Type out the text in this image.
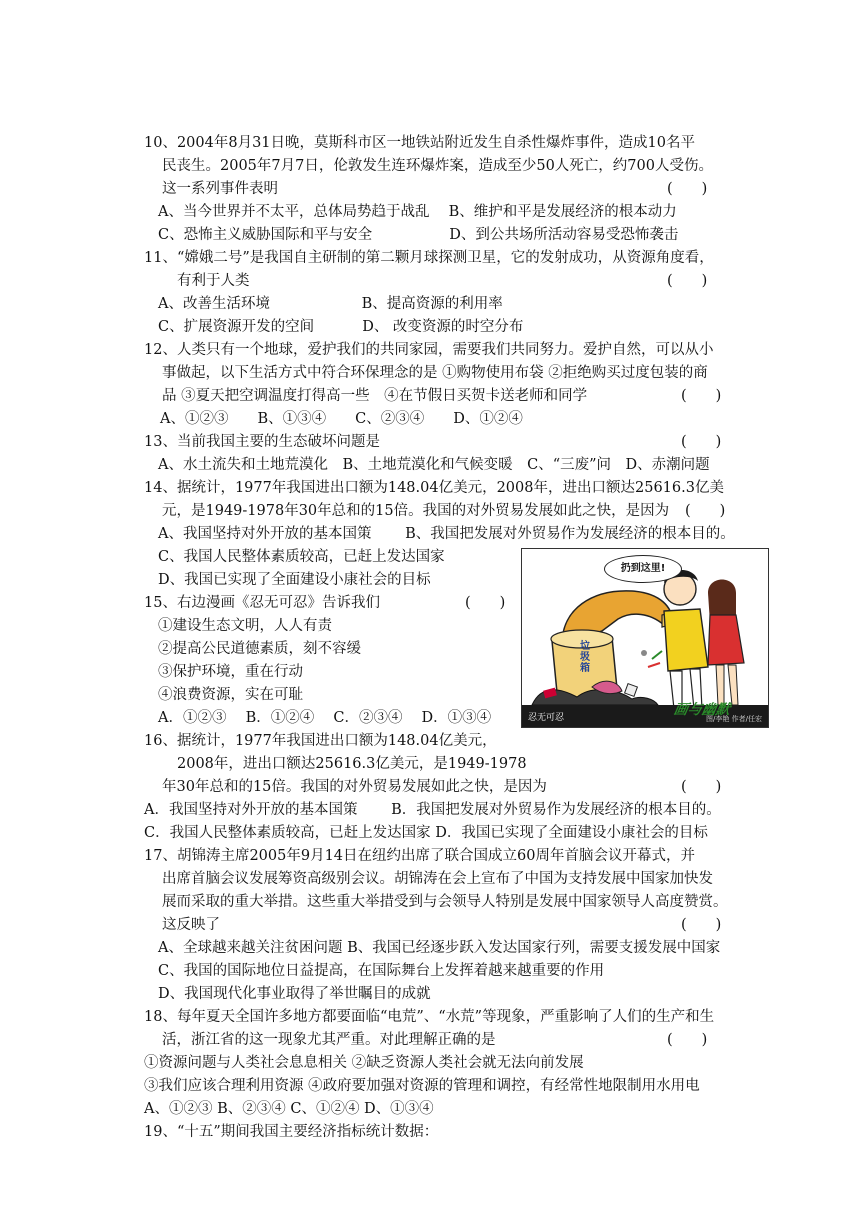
10、2004年8月31日晚，莫斯科市区一地铁站附近发生自杀性爆炸事件，造成10名平
民丧生。2005年7月7日，伦敦发生连环爆炸案，造成至少50人死亡，约700人受伤。
这一系列事件表明	(　　)
A、当今世界并不太平，总体局势趋于战乱　 B、维护和平是发展经济的根本动力
C、恐怖主义威胁国际和平与安全　　　　　 D、到公共场所活动容易受恐怖袭击
11、“嫦娥二号”是我国自主研制的第二颗月球探测卫星，它的发射成功，从资源角度看，
有利于人类	(　　)
A、改善生活环境　　　　　　 B、提高资源的利用率
C、扩展资源开发的空间　　　 D、 改变资源的时空分布
12、人类只有一个地球，爱护我们的共同家园，需要我们共同努力。爱护自然，可以从小
事做起，以下生活方式中符合环保理念的是 ①购物使用布袋 ②拒绝购买过度包装的商
品 ③夏天把空调温度打得高一些　④在节假日买贺卡送老师和同学	(　　)
A、①②③　　B、①③④　　C、②③④　　D、①②④
13、当前我国主要的生态破坏问题是	(　　)
A、水土流失和土地荒漠化　B、土地荒漠化和气候变暖　C、“三废”问　D、赤潮问题
14、据统计，1977年我国进出口额为148.04亿美元，2008年，进出口额达25616.3亿美
元，是1949-1978年30年总和的15倍。我国的对外贸易发展如此之快，是因为 (　　)
A、我国坚持对外开放的基本国策　　 B、我国把发展对外贸易作为发展经济的根本目的。
C、我国人民整体素质较高，已赶上发达国家
D、我国已实现了全面建设小康社会的目标
15、右边漫画《忍无可忍》告诉我们	(　　)
①建设生态文明，人人有责
②提高公民道德素质，刻不容缓
③保护环境，重在行动
④浪费资源，实在可耻
A．①②③　 B．①②④　 C．②③④　 D．①③④
扔到这里!
垃圾箱
忍无可忍	画与幽默
图/李艳 作者/任宏
16、据统计，1977年我国进出口额为148.04亿美元，
2008年，进出口额达25616.3亿美元，是1949-1978
年30年总和的15倍。我国的对外贸易发展如此之快，是因为	(　　)
A．我国坚持对外开放的基本国策　　 B．我国把发展对外贸易作为发展经济的根本目的。
C．我国人民整体素质较高，已赶上发达国家 D．我国已实现了全面建设小康社会的目标
17、胡锦涛主席2005年9月14日在纽约出席了联合国成立60周年首脑会议开幕式，并
出席首脑会议发展筹资高级别会议。胡锦涛在会上宣布了中国为支持发展中国家加快发
展而采取的重大举措。这些重大举措受到与会领导人特别是发展中国家领导人高度赞赏。
这反映了	(　　)
A、全球越来越关注贫困问题 B、我国已经逐步跃入发达国家行列，需要支援发展中国家
C、我国的国际地位日益提高，在国际舞台上发挥着越来越重要的作用
D、我国现代化事业取得了举世瞩目的成就
18、每年夏天全国许多地方都要面临“电荒”、“水荒”等现象，严重影响了人们的生产和生
活，浙江省的这一现象尤其严重。对此理解正确的是	(　　)
①资源问题与人类社会息息相关 ②缺乏资源人类社会就无法向前发展
③我们应该合理利用资源 ④政府要加强对资源的管理和调控，有经常性地限制用水用电
A、①②③ B、②③④ C、①②④ D、①③④
19、“十五”期间我国主要经济指标统计数据：
